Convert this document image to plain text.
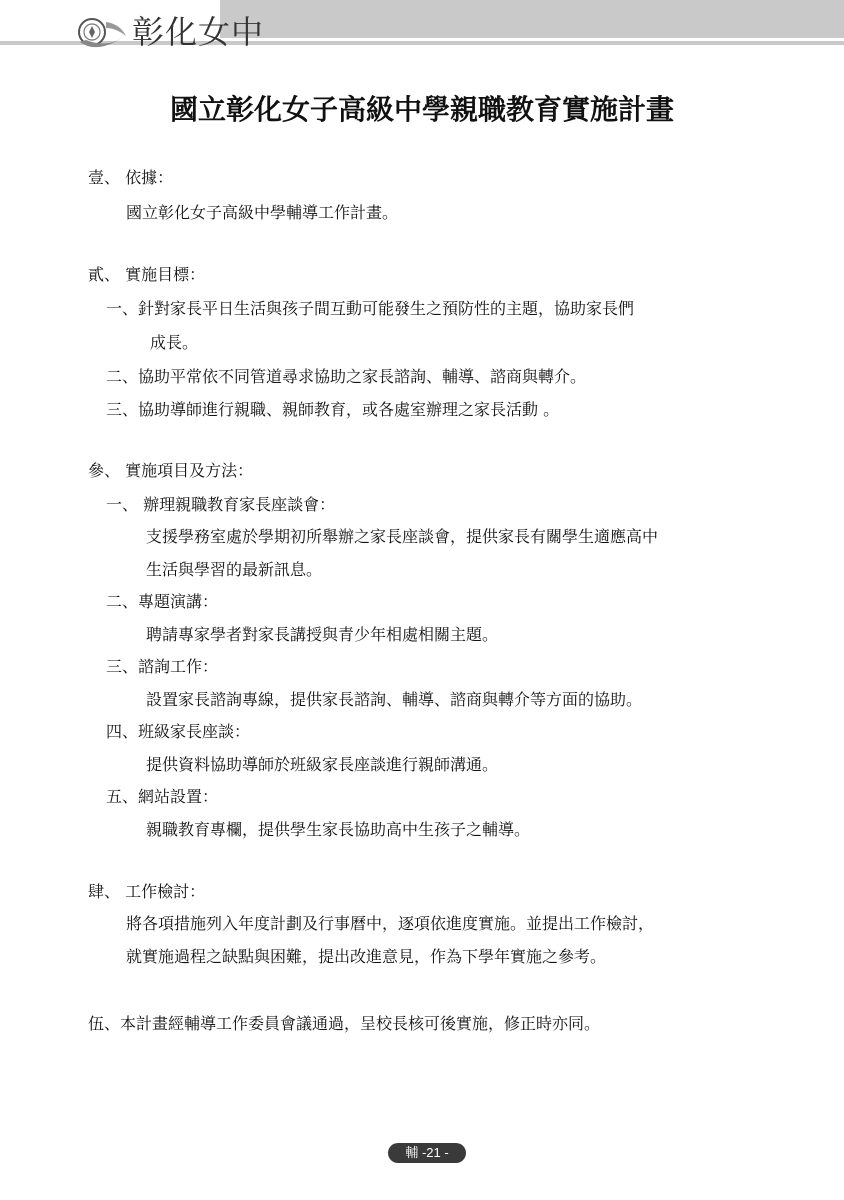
彰化女中
國立彰化女子高級中學親職教育實施計畫
壹、 依據：
國立彰化女子高級中學輔導工作計畫。
貳、 實施目標：
一、針對家長平日生活與孩子間互動可能發生之預防性的主題，協助家長們
成長。
二、協助平常依不同管道尋求協助之家長諮詢、輔導、諮商與轉介。
三、協助導師進行親職、親師教育，或各處室辦理之家長活動 。
參、 實施項目及方法：
一、 辦理親職教育家長座談會：
支援學務室處於學期初所舉辦之家長座談會，提供家長有關學生適應高中
生活與學習的最新訊息。
二、專題演講：
聘請專家學者對家長講授與青少年相處相關主題。
三、諮詢工作：
設置家長諮詢專線，提供家長諮詢、輔導、諮商與轉介等方面的協助。
四、班級家長座談：
提供資料協助導師於班級家長座談進行親師溝通。
五、網站設置：
親職教育專欄，提供學生家長協助高中生孩子之輔導。
肆、 工作檢討：
將各項措施列入年度計劃及行事曆中，逐項依進度實施。並提出工作檢討，
就實施過程之缺點與困難，提出改進意見，作為下學年實施之參考。
伍、本計畫經輔導工作委員會議通過，呈校長核可後實施，修正時亦同。
輔 -21 -
